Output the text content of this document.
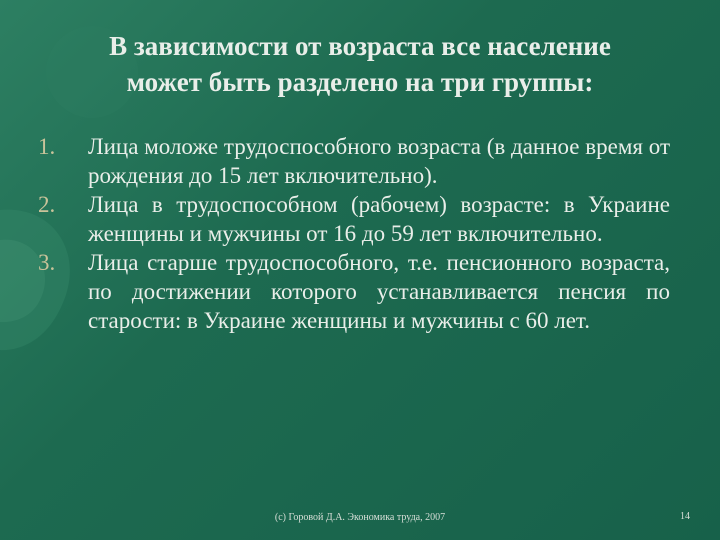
В зависимости от возраста все население
может быть разделено на три группы:
1.	Лица моложе трудоспособного возраста (в данное время от рождения до 15 лет включительно).
2.	Лица в трудоспособном (рабочем) возрасте: в Украине женщины и мужчины от 16 до 59 лет включительно.
3.	Лица старше трудоспособного, т.е. пенсионного возраста, по достижении которого устанавливается пенсия по старости: в Украине женщины и мужчины с 60 лет.
(с) Горовой Д.А. Экономика труда, 2007	14
